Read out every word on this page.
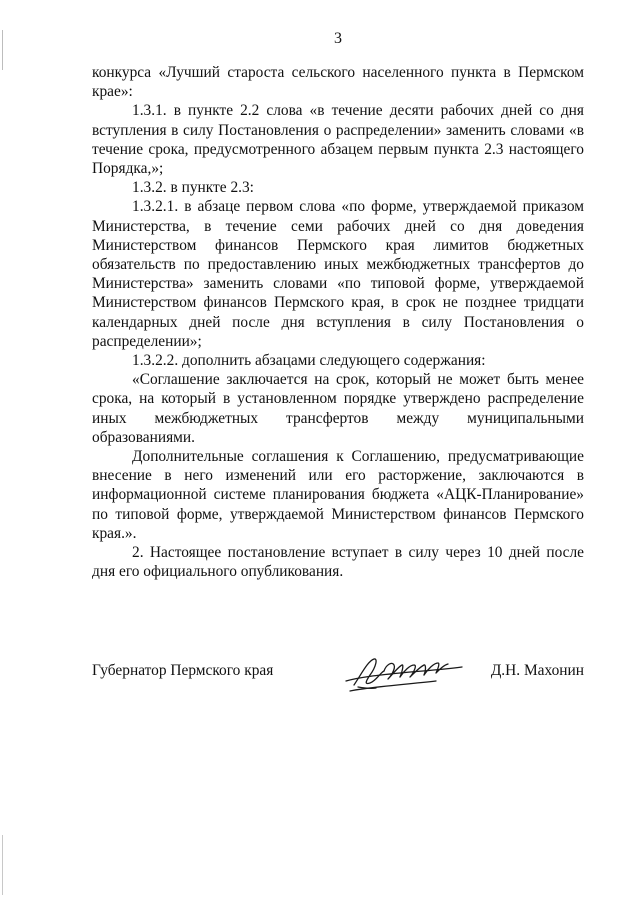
3

конкурса «Лучший староста сельского населенного пункта в Пермском крае»:

1.3.1. в пункте 2.2 слова «в течение десяти рабочих дней со дня вступления в силу Постановления о распределении» заменить словами «в течение срока, предусмотренного абзацем первым пункта 2.3 настоящего Порядка,»;

1.3.2. в пункте 2.3:

1.3.2.1. в абзаце первом слова «по форме, утверждаемой приказом Министерства, в течение семи рабочих дней со дня доведения Министерством финансов Пермского края лимитов бюджетных обязательств по предоставлению иных межбюджетных трансфертов до Министерства» заменить словами «по типовой форме, утверждаемой Министерством финансов Пермского края, в срок не позднее тридцати календарных дней после дня вступления в силу Постановления о распределении»;

1.3.2.2. дополнить абзацами следующего содержания:

«Соглашение заключается на срок, который не может быть менее срока, на который в установленном порядке утверждено распределение иных межбюджетных трансфертов между муниципальными образованиями.

Дополнительные соглашения к Соглашению, предусматривающие внесение в него изменений или его расторжение, заключаются в информационной системе планирования бюджета «АЦК-Планирование» по типовой форме, утверждаемой Министерством финансов Пермского края.».

2. Настоящее постановление вступает в силу через 10 дней после дня его официального опубликования.

Губернатор Пермского края	Д.Н. Махонин
